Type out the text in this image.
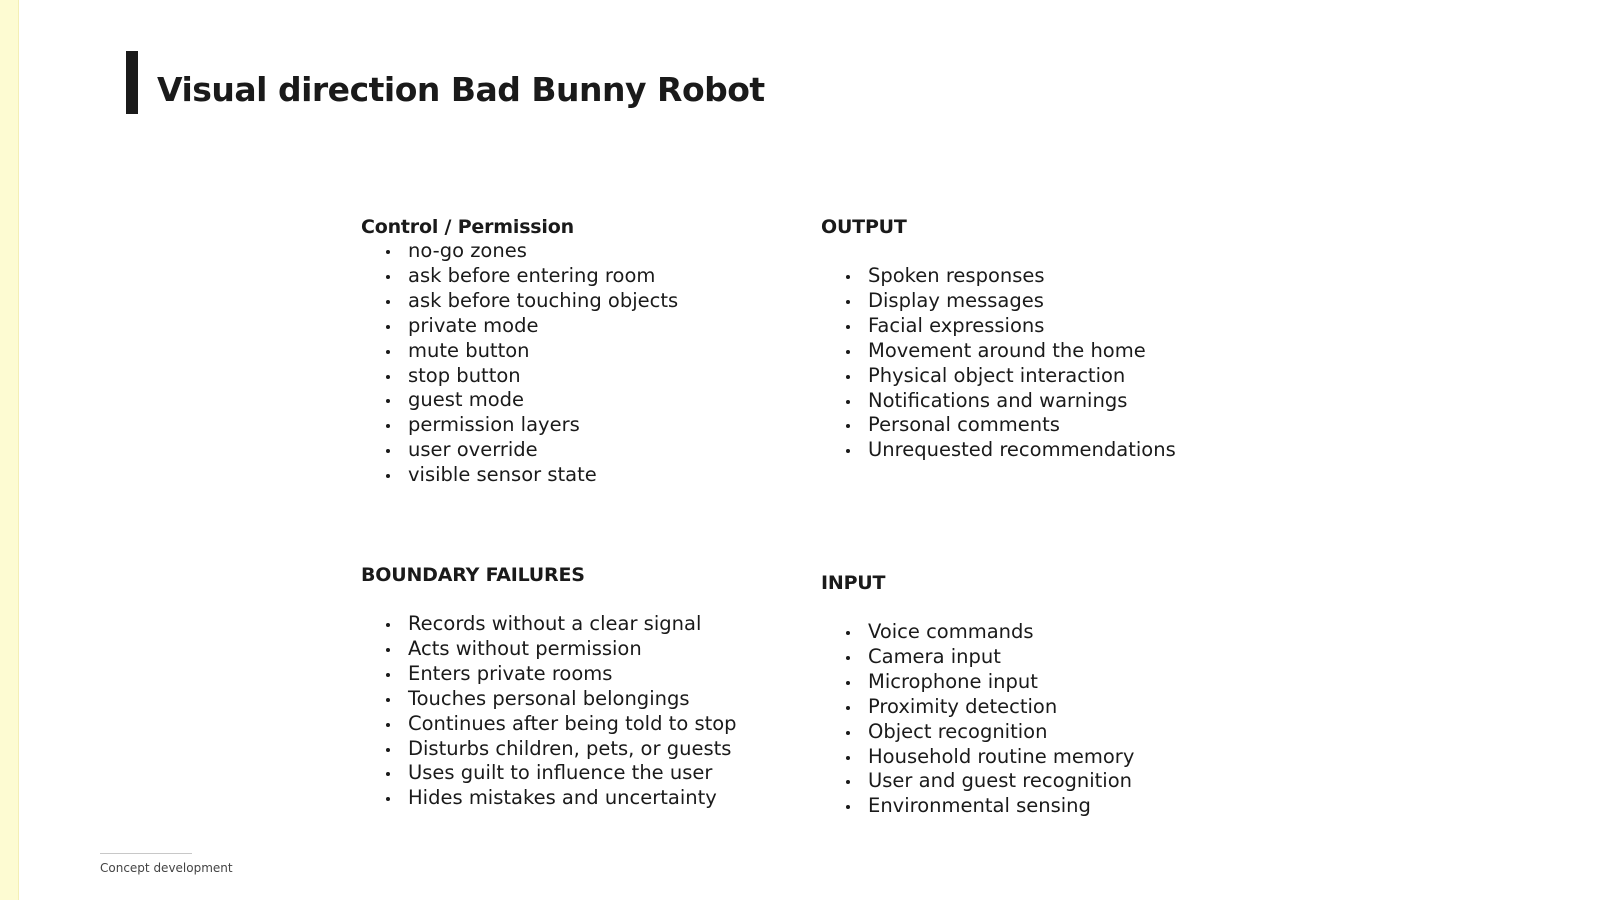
Visual direction Bad Bunny Robot
Control / Permission
no-go zones
ask before entering room
ask before touching objects
private mode
mute button
stop button
guest mode
permission layers
user override
visible sensor state
OUTPUT
Spoken responses
Display messages
Facial expressions
Movement around the home
Physical object interaction
Notifications and warnings
Personal comments
Unrequested recommendations
BOUNDARY FAILURES
Records without a clear signal
Acts without permission
Enters private rooms
Touches personal belongings
Continues after being told to stop
Disturbs children, pets, or guests
Uses guilt to influence the user
Hides mistakes and uncertainty
INPUT
Voice commands
Camera input
Microphone input
Proximity detection
Object recognition
Household routine memory
User and guest recognition
Environmental sensing
Concept development
